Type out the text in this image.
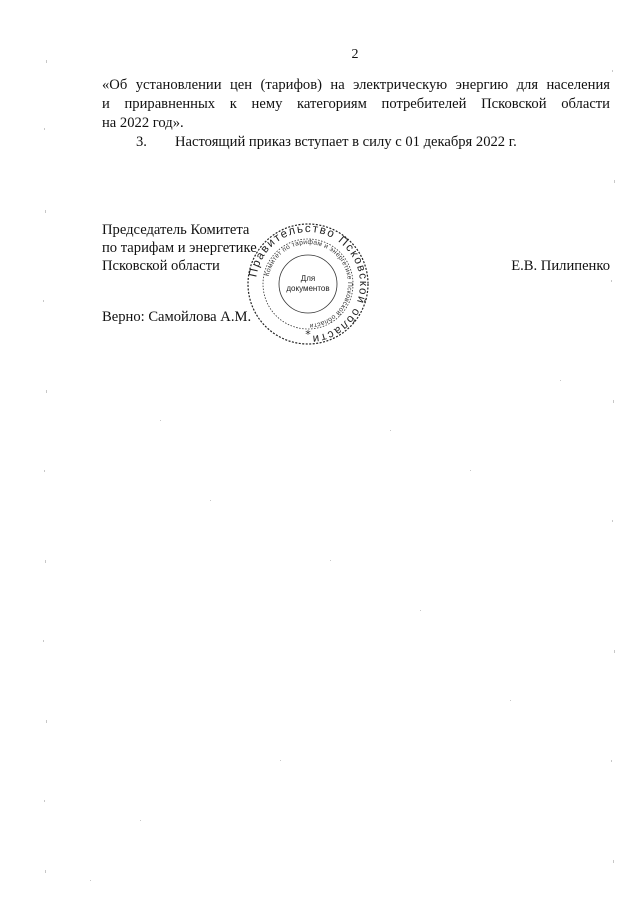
2
«Об установлении цен (тарифов) на электрическую энергию для населения
и приравненных к нему категориям потребителей Псковской области
на 2022 год».
3. Настоящий приказ вступает в силу с 01 декабря 2022 г.
Председатель Комитета
по тарифам и энергетике
Псковской области	Е.В. Пилипенко
Верно: Самойлова А.М.
Правительство Псковской области
Комитет по тарифам и энергетике Псковской области
Для
документов
*
